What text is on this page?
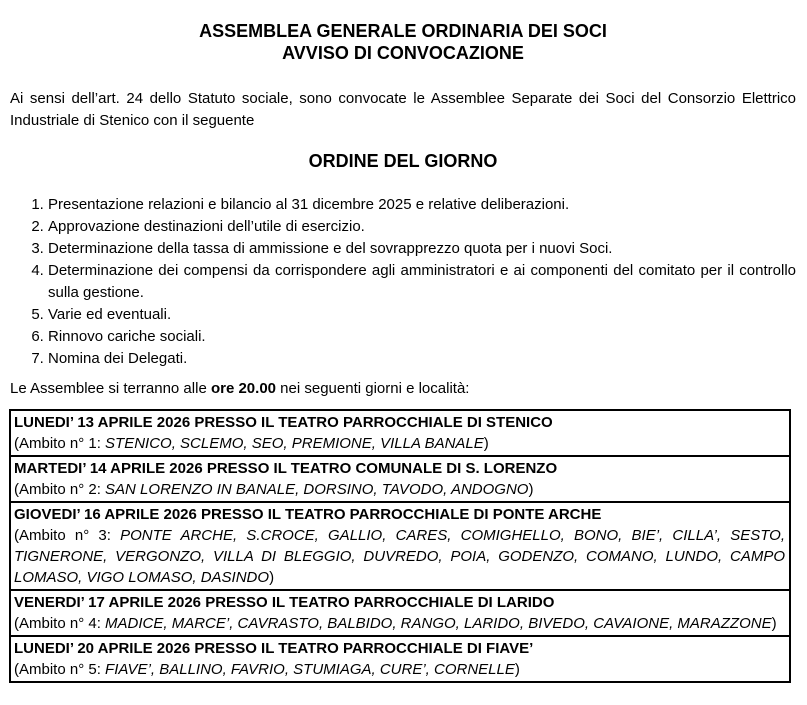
ASSEMBLEA GENERALE ORDINARIA DEI SOCI
AVVISO DI CONVOCAZIONE

Ai sensi dell’art. 24 dello Statuto sociale, sono convocate le Assemblee Separate dei Soci del Consorzio Elettrico Industriale di Stenico con il seguente

ORDINE DEL GIORNO
1. Presentazione relazioni e bilancio al 31 dicembre 2025 e relative deliberazioni.
2. Approvazione destinazioni dell’utile di esercizio.
3. Determinazione della tassa di ammissione e del sovrapprezzo quota per i nuovi Soci.
4. Determinazione dei compensi da corrispondere agli amministratori e ai componenti del comitato per il controllo sulla gestione.
5. Varie ed eventuali.
6. Rinnovo cariche sociali.
7. Nomina dei Delegati.

Le Assemblee si terranno alle ore 20.00 nei seguenti giorni e località:

LUNEDI’ 13 APRILE 2026 PRESSO IL TEATRO PARROCCHIALE DI STENICO
(Ambito n° 1: STENICO, SCLEMO, SEO, PREMIONE, VILLA BANALE)

MARTEDI’ 14 APRILE 2026 PRESSO IL TEATRO COMUNALE DI S. LORENZO
(Ambito n° 2: SAN LORENZO IN BANALE, DORSINO, TAVODO, ANDOGNO)

GIOVEDI’ 16 APRILE 2026 PRESSO IL TEATRO PARROCCHIALE DI PONTE ARCHE
(Ambito n° 3: PONTE ARCHE, S.CROCE, GALLIO, CARES, COMIGHELLO, BONO, BIE’, CILLA’, SESTO, TIGNERONE, VERGONZO, VILLA DI BLEGGIO, DUVREDO, POIA, GODENZO, COMANO, LUNDO, CAMPO LOMASO, VIGO LOMASO, DASINDO)

VENERDI’ 17 APRILE 2026 PRESSO IL TEATRO PARROCCHIALE DI LARIDO
(Ambito n° 4: MADICE, MARCE’, CAVRASTO, BALBIDO, RANGO, LARIDO, BIVEDO, CAVAIONE, MARAZZONE)

LUNEDI’ 20 APRILE 2026 PRESSO IL TEATRO PARROCCHIALE DI FIAVE’
(Ambito n° 5: FIAVE’, BALLINO, FAVRIO, STUMIAGA, CURE’, CORNELLE)
